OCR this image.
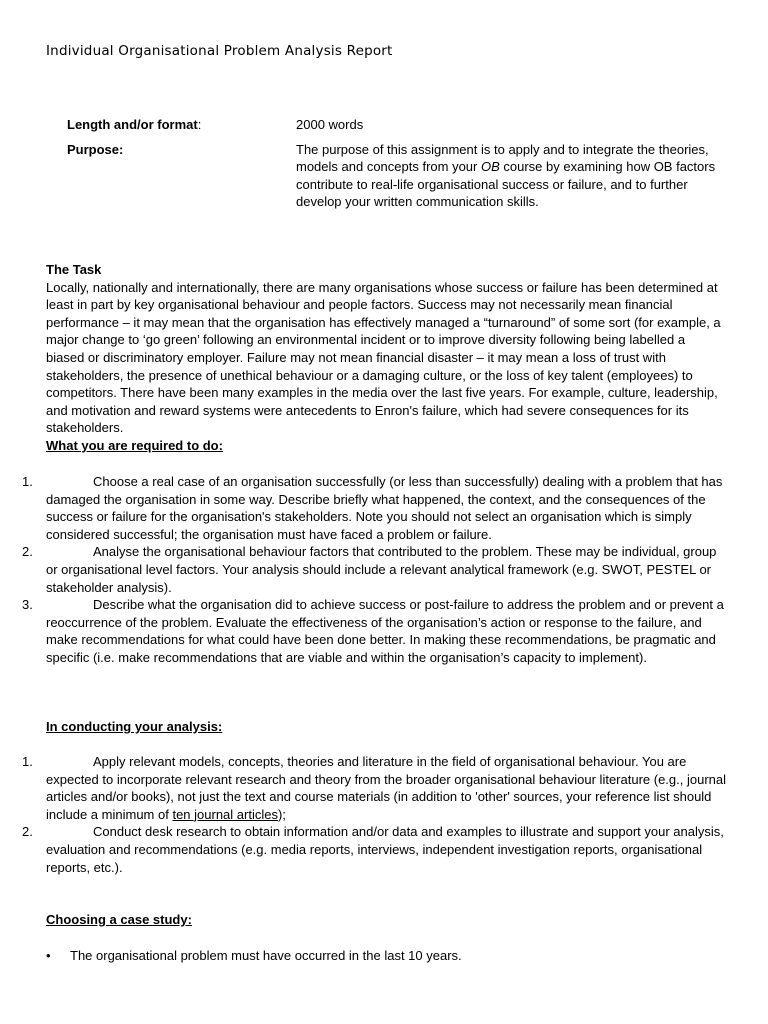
Individual Organisational Problem Analysis Report
Length and/or format:	2000 words
Purpose:	The purpose of this assignment is to apply and to integrate the theories, models and concepts from your OB course by examining how OB factors contribute to real-life organisational success or failure, and to further develop your written communication skills.
The Task

Locally, nationally and internationally, there are many organisations whose success or failure has been determined at least in part by key organisational behaviour and people factors. Success may not necessarily mean financial performance – it may mean that the organisation has effectively managed a “turnaround” of some sort (for example, a major change to ‘go green’ following an environmental incident or to improve diversity following being labelled a biased or discriminatory employer. Failure may not mean financial disaster – it may mean a loss of trust with stakeholders, the presence of unethical behaviour or a damaging culture, or the loss of key talent (employees) to competitors. There have been many examples in the media over the last five years. For example, culture, leadership, and motivation and reward systems were antecedents to Enron's failure, which had severe consequences for its stakeholders.

What you are required to do:
1.	Choose a real case of an organisation successfully (or less than successfully) dealing with a problem that has damaged the organisation in some way. Describe briefly what happened, the context, and the consequences of the success or failure for the organisation's stakeholders. Note you should not select an organisation which is simply considered successful; the organisation must have faced a problem or failure.
2.	Analyse the organisational behaviour factors that contributed to the problem. These may be individual, group or organisational level factors. Your analysis should include a relevant analytical framework (e.g. SWOT, PESTEL or stakeholder analysis).
3.	Describe what the organisation did to achieve success or post-failure to address the problem and or prevent a reoccurrence of the problem. Evaluate the effectiveness of the organisation’s action or response to the failure, and make recommendations for what could have been done better. In making these recommendations, be pragmatic and specific (i.e. make recommendations that are viable and within the organisation’s capacity to implement).
In conducting your analysis:
1.	Apply relevant models, concepts, theories and literature in the field of organisational behaviour. You are expected to incorporate relevant research and theory from the broader organisational behaviour literature (e.g., journal articles and/or books), not just the text and course materials (in addition to 'other' sources, your reference list should include a minimum of ten journal articles);
2.	Conduct desk research to obtain information and/or data and examples to illustrate and support your analysis, evaluation and recommendations (e.g. media reports, interviews, independent investigation reports, organisational reports, etc.).
Choosing a case study:
• The organisational problem must have occurred in the last 10 years.
